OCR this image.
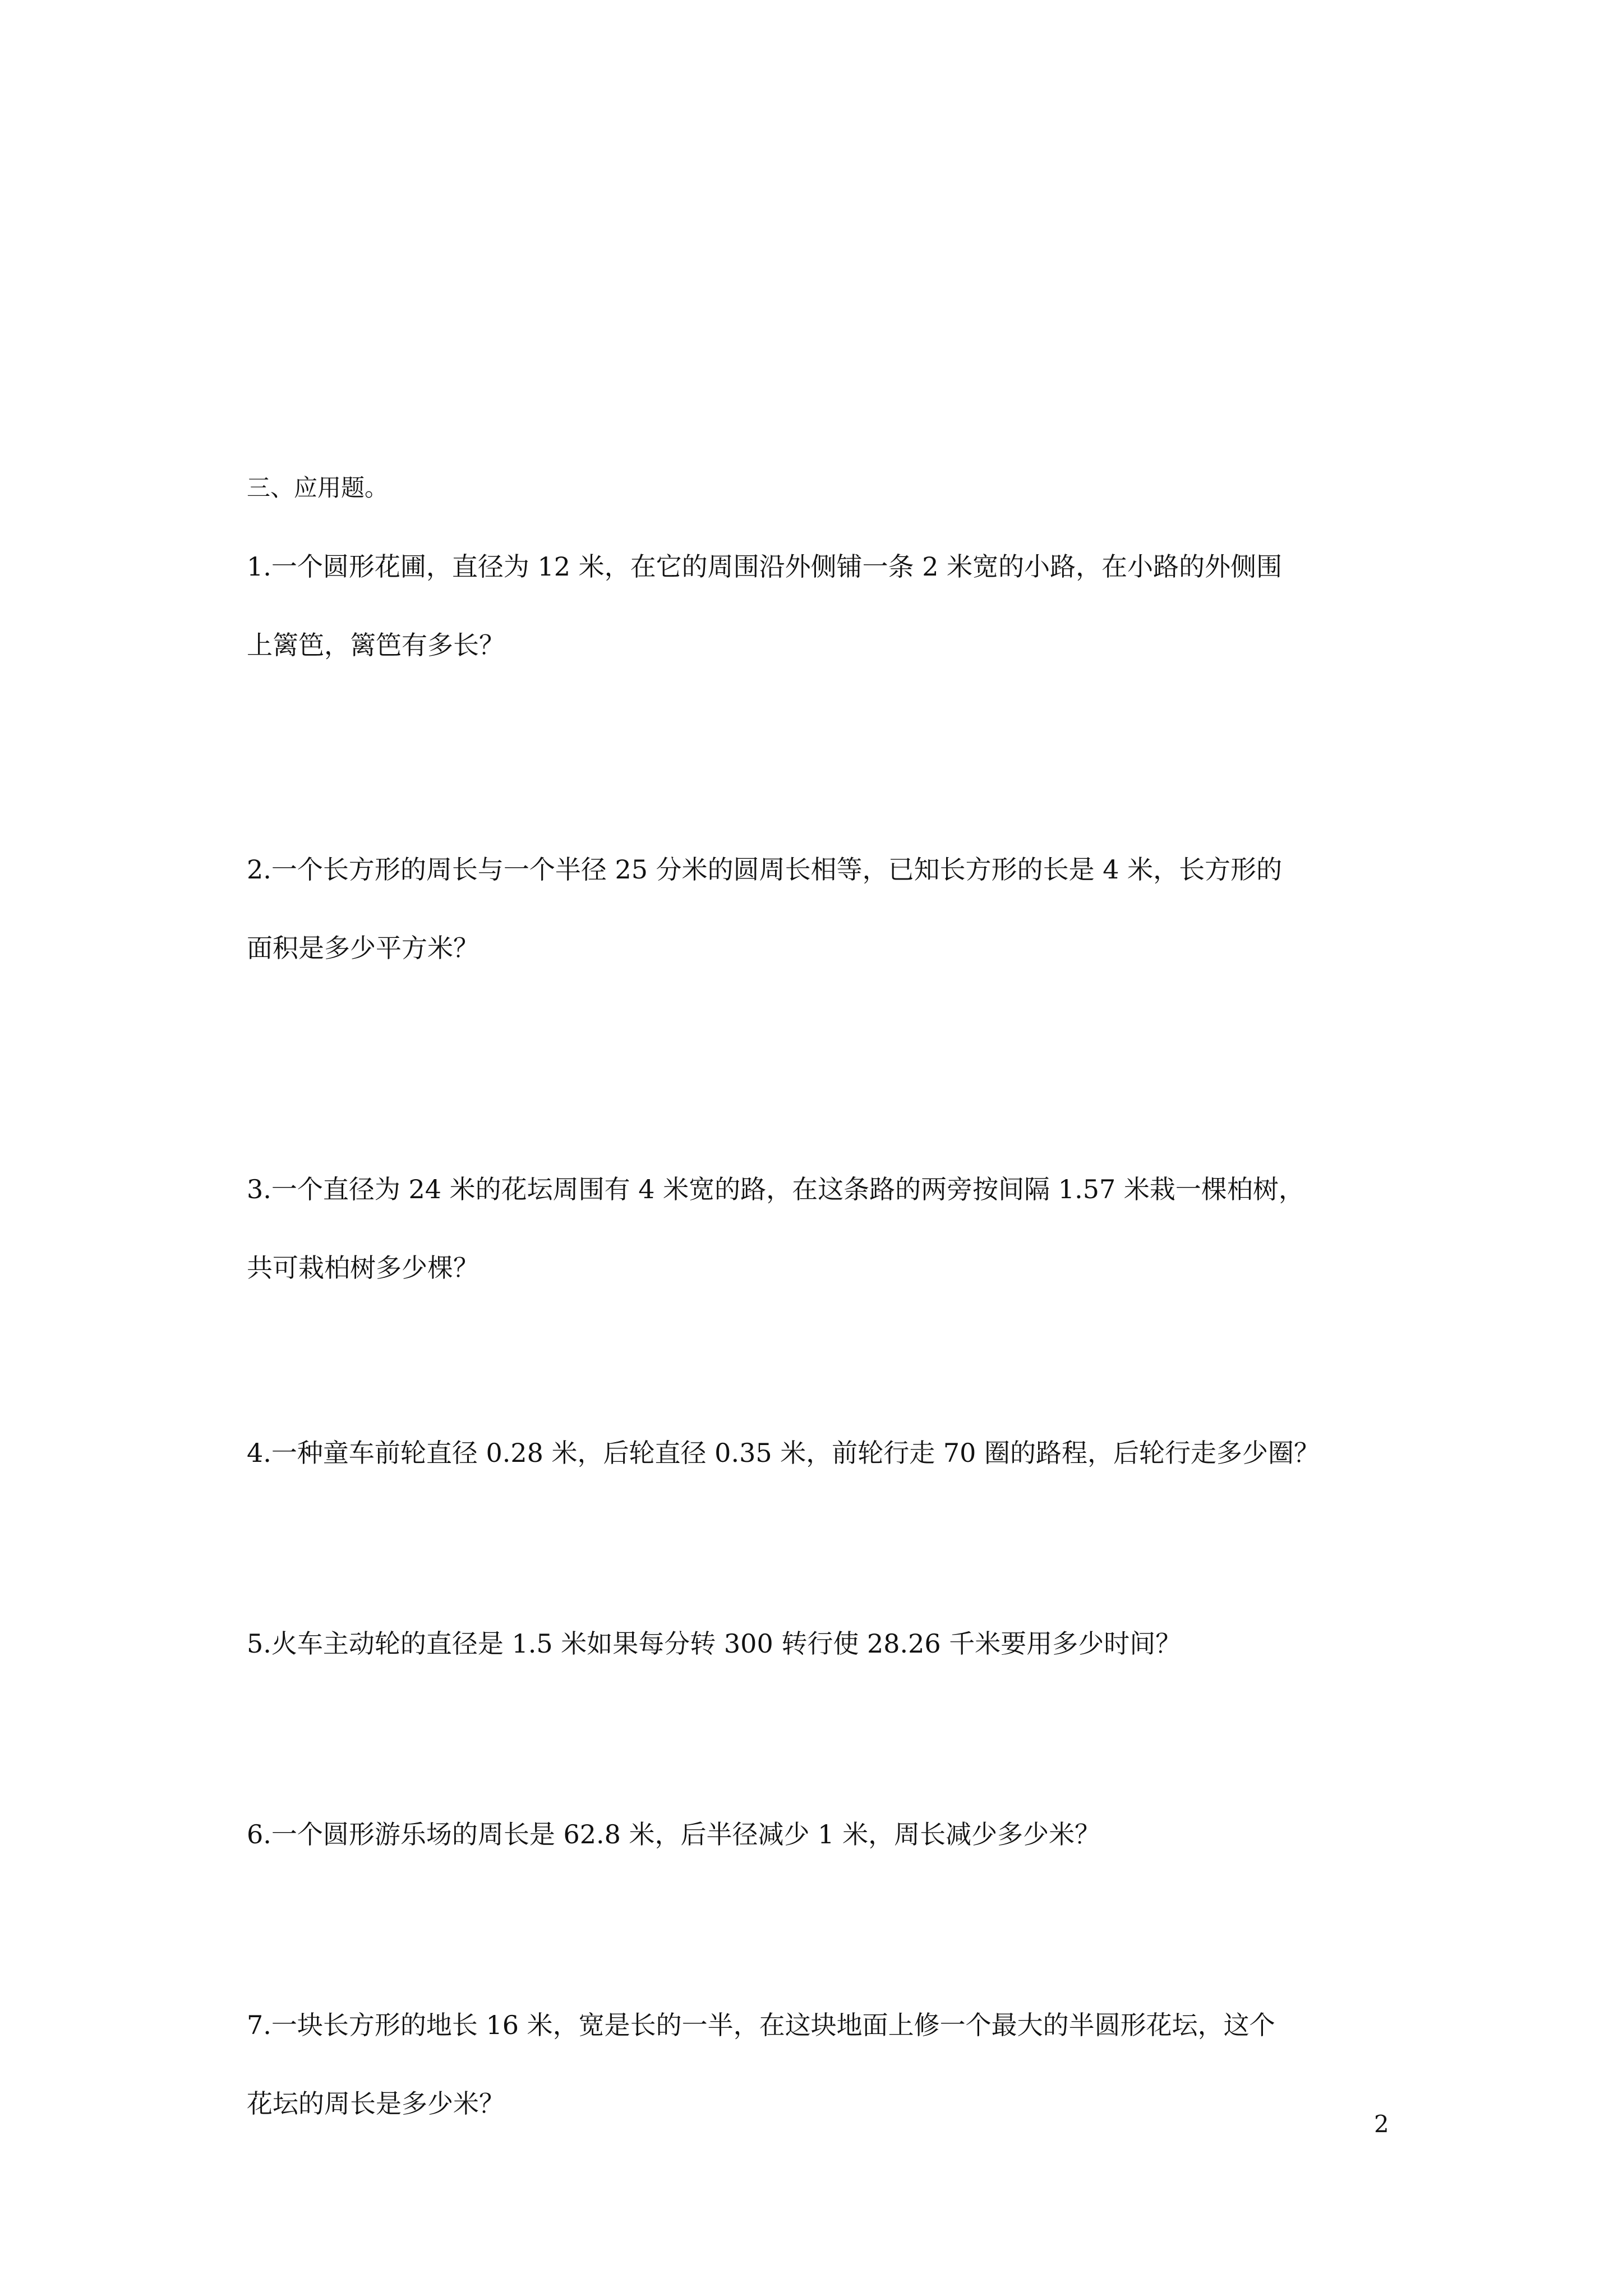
三、应用题。
1.一个圆形花圃，直径为 12 米，在它的周围沿外侧铺一条 2 米宽的小路，在小路的外侧围
上篱笆，篱笆有多长？
2.一个长方形的周长与一个半径 25 分米的圆周长相等，已知长方形的长是 4 米，长方形的
面积是多少平方米？
3.一个直径为 24 米的花坛周围有 4 米宽的路，在这条路的两旁按间隔 1.57 米栽一棵柏树，
共可栽柏树多少棵？
4.一种童车前轮直径 0.28 米，后轮直径 0.35 米，前轮行走 70 圈的路程，后轮行走多少圈？
5.火车主动轮的直径是 1.5 米如果每分转 300 转行使 28.26 千米要用多少时间？
6.一个圆形游乐场的周长是 62.8 米，后半径减少 1 米，周长减少多少米？
7.一块长方形的地长 16 米，宽是长的一半，在这块地面上修一个最大的半圆形花坛，这个
花坛的周长是多少米？
2
